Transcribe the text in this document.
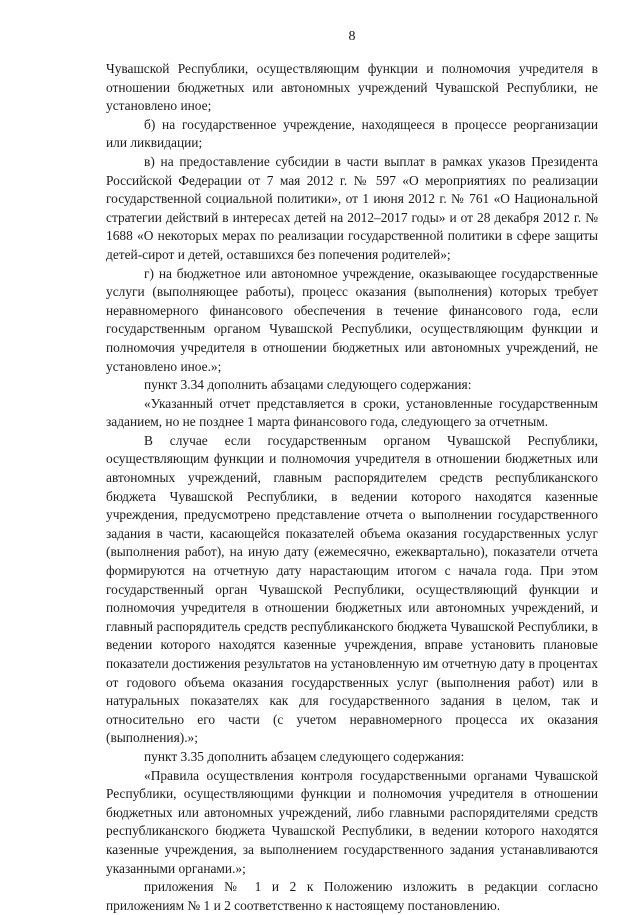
8

Чувашской Республики, осуществляющим функции и полномочия учредителя в отношении бюджетных или автономных учреждений Чувашской Республики, не установлено иное;

б) на государственное учреждение, находящееся в процессе реорганизации или ликвидации;

в) на предоставление субсидии в части выплат в рамках указов Президента Российской Федерации от 7 мая 2012 г. № 597 «О мероприятиях по реализации государственной социальной политики», от 1 июня 2012 г. № 761 «О Национальной стратегии действий в интересах детей на 2012–2017 годы» и от 28 декабря 2012 г. № 1688 «О некоторых мерах по реализации государственной политики в сфере защиты детей-сирот и детей, оставшихся без попечения родителей»;

г) на бюджетное или автономное учреждение, оказывающее государственные услуги (выполняющее работы), процесс оказания (выполнения) которых требует неравномерного финансового обеспечения в течение финансового года, если государственным органом Чувашской Республики, осуществляющим функции и полномочия учредителя в отношении бюджетных или автономных учреждений, не установлено иное.»;

пункт 3.34 дополнить абзацами следующего содержания:

«Указанный отчет представляется в сроки, установленные государственным заданием, но не позднее 1 марта финансового года, следующего за отчетным.

В случае если государственным органом Чувашской Республики, осуществляющим функции и полномочия учредителя в отношении бюджетных или автономных учреждений, главным распорядителем средств республиканского бюджета Чувашской Республики, в ведении которого находятся казенные учреждения, предусмотрено представление отчета о выполнении государственного задания в части, касающейся показателей объема оказания государственных услуг (выполнения работ), на иную дату (ежемесячно, ежеквартально), показатели отчета формируются на отчетную дату нарастающим итогом с начала года. При этом государственный орган Чувашской Республики, осуществляющий функции и полномочия учредителя в отношении бюджетных или автономных учреждений, и главный распорядитель средств республиканского бюджета Чувашской Республики, в ведении которого находятся казенные учреждения, вправе установить плановые показатели достижения результатов на установленную им отчетную дату в процентах от годового объема оказания государственных услуг (выполнения работ) или в натуральных показателях как для государственного задания в целом, так и относительно его части (с учетом неравномерного процесса их оказания (выполнения).»;

пункт 3.35 дополнить абзацем следующего содержания:

«Правила осуществления контроля государственными органами Чувашской Республики, осуществляющими функции и полномочия учредителя в отношении бюджетных или автономных учреждений, либо главными распорядителями средств республиканского бюджета Чувашской Республики, в ведении которого находятся казенные учреждения, за выполнением государственного задания устанавливаются указанными органами.»;

приложения № 1 и 2 к Положению изложить в редакции согласно приложениям № 1 и 2 соответственно к настоящему постановлению.
